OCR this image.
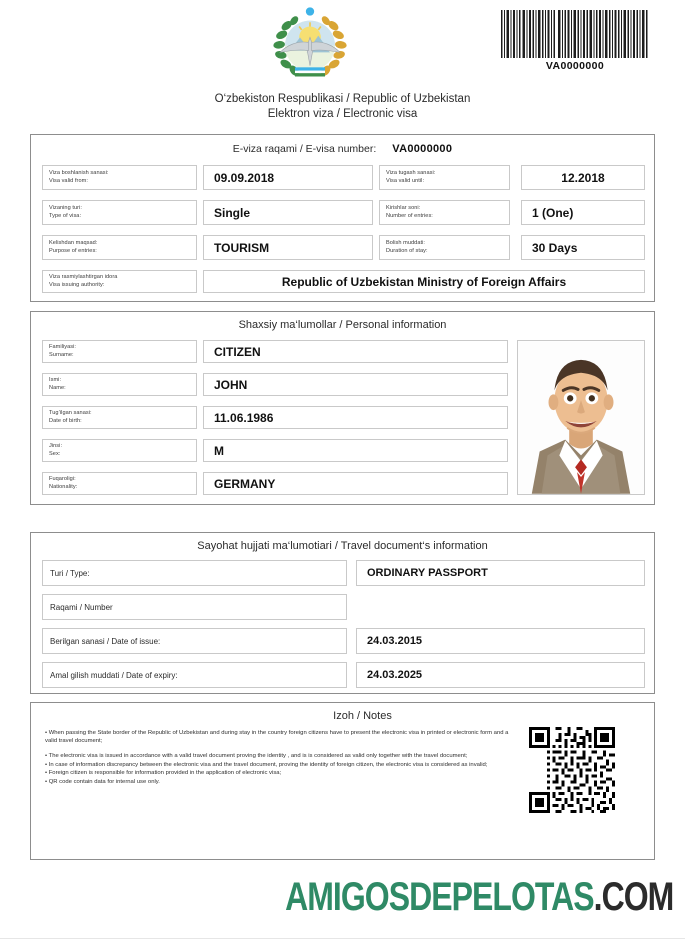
VA0000000
O‘zbekiston Respublikasi / Republic of Uzbekistan
Elektron viza / Electronic visa
E-viza raqami / E-visa number: VA0000000
Viza boshlanish sanasi:
Visa valid from:	09.09.2018	Viza tugash sanasi:
Visa valid until:	12.2018
Vizaning turi:
Type of visa:	Single	Kirishlar soni:
Number of entries:	1 (One)
Kelishdan maqsad:
Purpose of entries:	TOURISM	Bolish muddati:
Duration of stay:	30 Days
Viza rasmiylashtirgan idora
Visa issuing authority:	Republic of Uzbekistan Ministry of Foreign Affairs
Shaxsiy ma‘lumollar / Personal information
Familiyasi:
Surname:	CITIZEN
Ismi:
Name:	JOHN
Tug‘ilgan sanasi:
Date of birth:	11.06.1986
Jinsi:
Sex:	M
Fuqaroligi:
Nationality:	GERMANY
Sayohat hujjati ma‘lumotiari / Travel document‘s information
Turi / Type:	ORDINARY PASSPORT
Raqami / Number
Berilgan sanasi / Date of issue:	24.03.2015
Amal gilish muddati / Date of expiry:	24.03.2025
Izoh / Notes

• When passing the State border of the Republic of Uzbekistan and during stay in the country foreign citizens have to present the electronic visa in printed or electronic form and a valid travel document;

• The electronic visa is issued in accordance with a valid travel document proving the identity , and is is considered as valid only together with the travel document;

• In case of information discrepancy between the electronic visa and the travel document, proving the identity of foreign citizen, the electronic visa is considered as invalid;

• Foreign citizen is responsible for information provided in the application of electronic visa;

• QR code contain data for internal use only.

AMIGOSDEPELOTAS.COM
